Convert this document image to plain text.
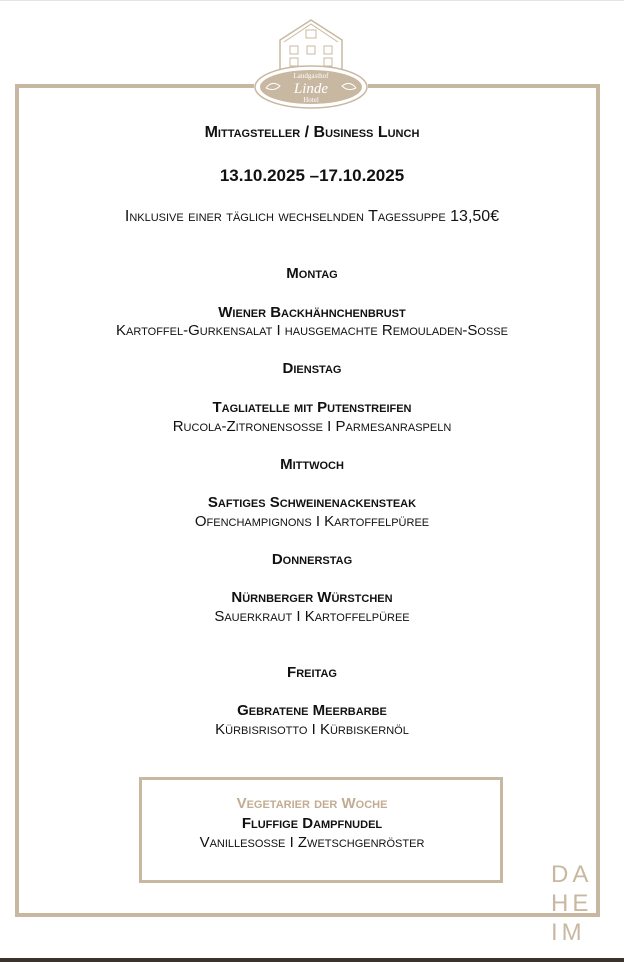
Landgasthof
Linde
Hotel
Mittagsteller / Business Lunch
13.10.2025 –17.10.2025
Inklusive einer täglich wechselnden Tagessuppe 13,50€
Montag
Wiener Backhähnchenbrust
Kartoffel-Gurkensalat I hausgemachte Remouladen-Soße
Dienstag
Tagliatelle mit Putenstreifen
Rucola-Zitronensoße I Parmesanraspeln
Mittwoch
Saftiges Schweinenackensteak
Ofenchampignons I Kartoffelpüree
Donnerstag
Nürnberger Würstchen
Sauerkraut I Kartoffelpüree
Freitag
Gebratene Meerbarbe
Kürbisrisotto I Kürbiskernöl
Vegetarier der Woche
Fluffige Dampfnudel
Vanillesoße I Zwetschgenröster
DA
HE
IM
